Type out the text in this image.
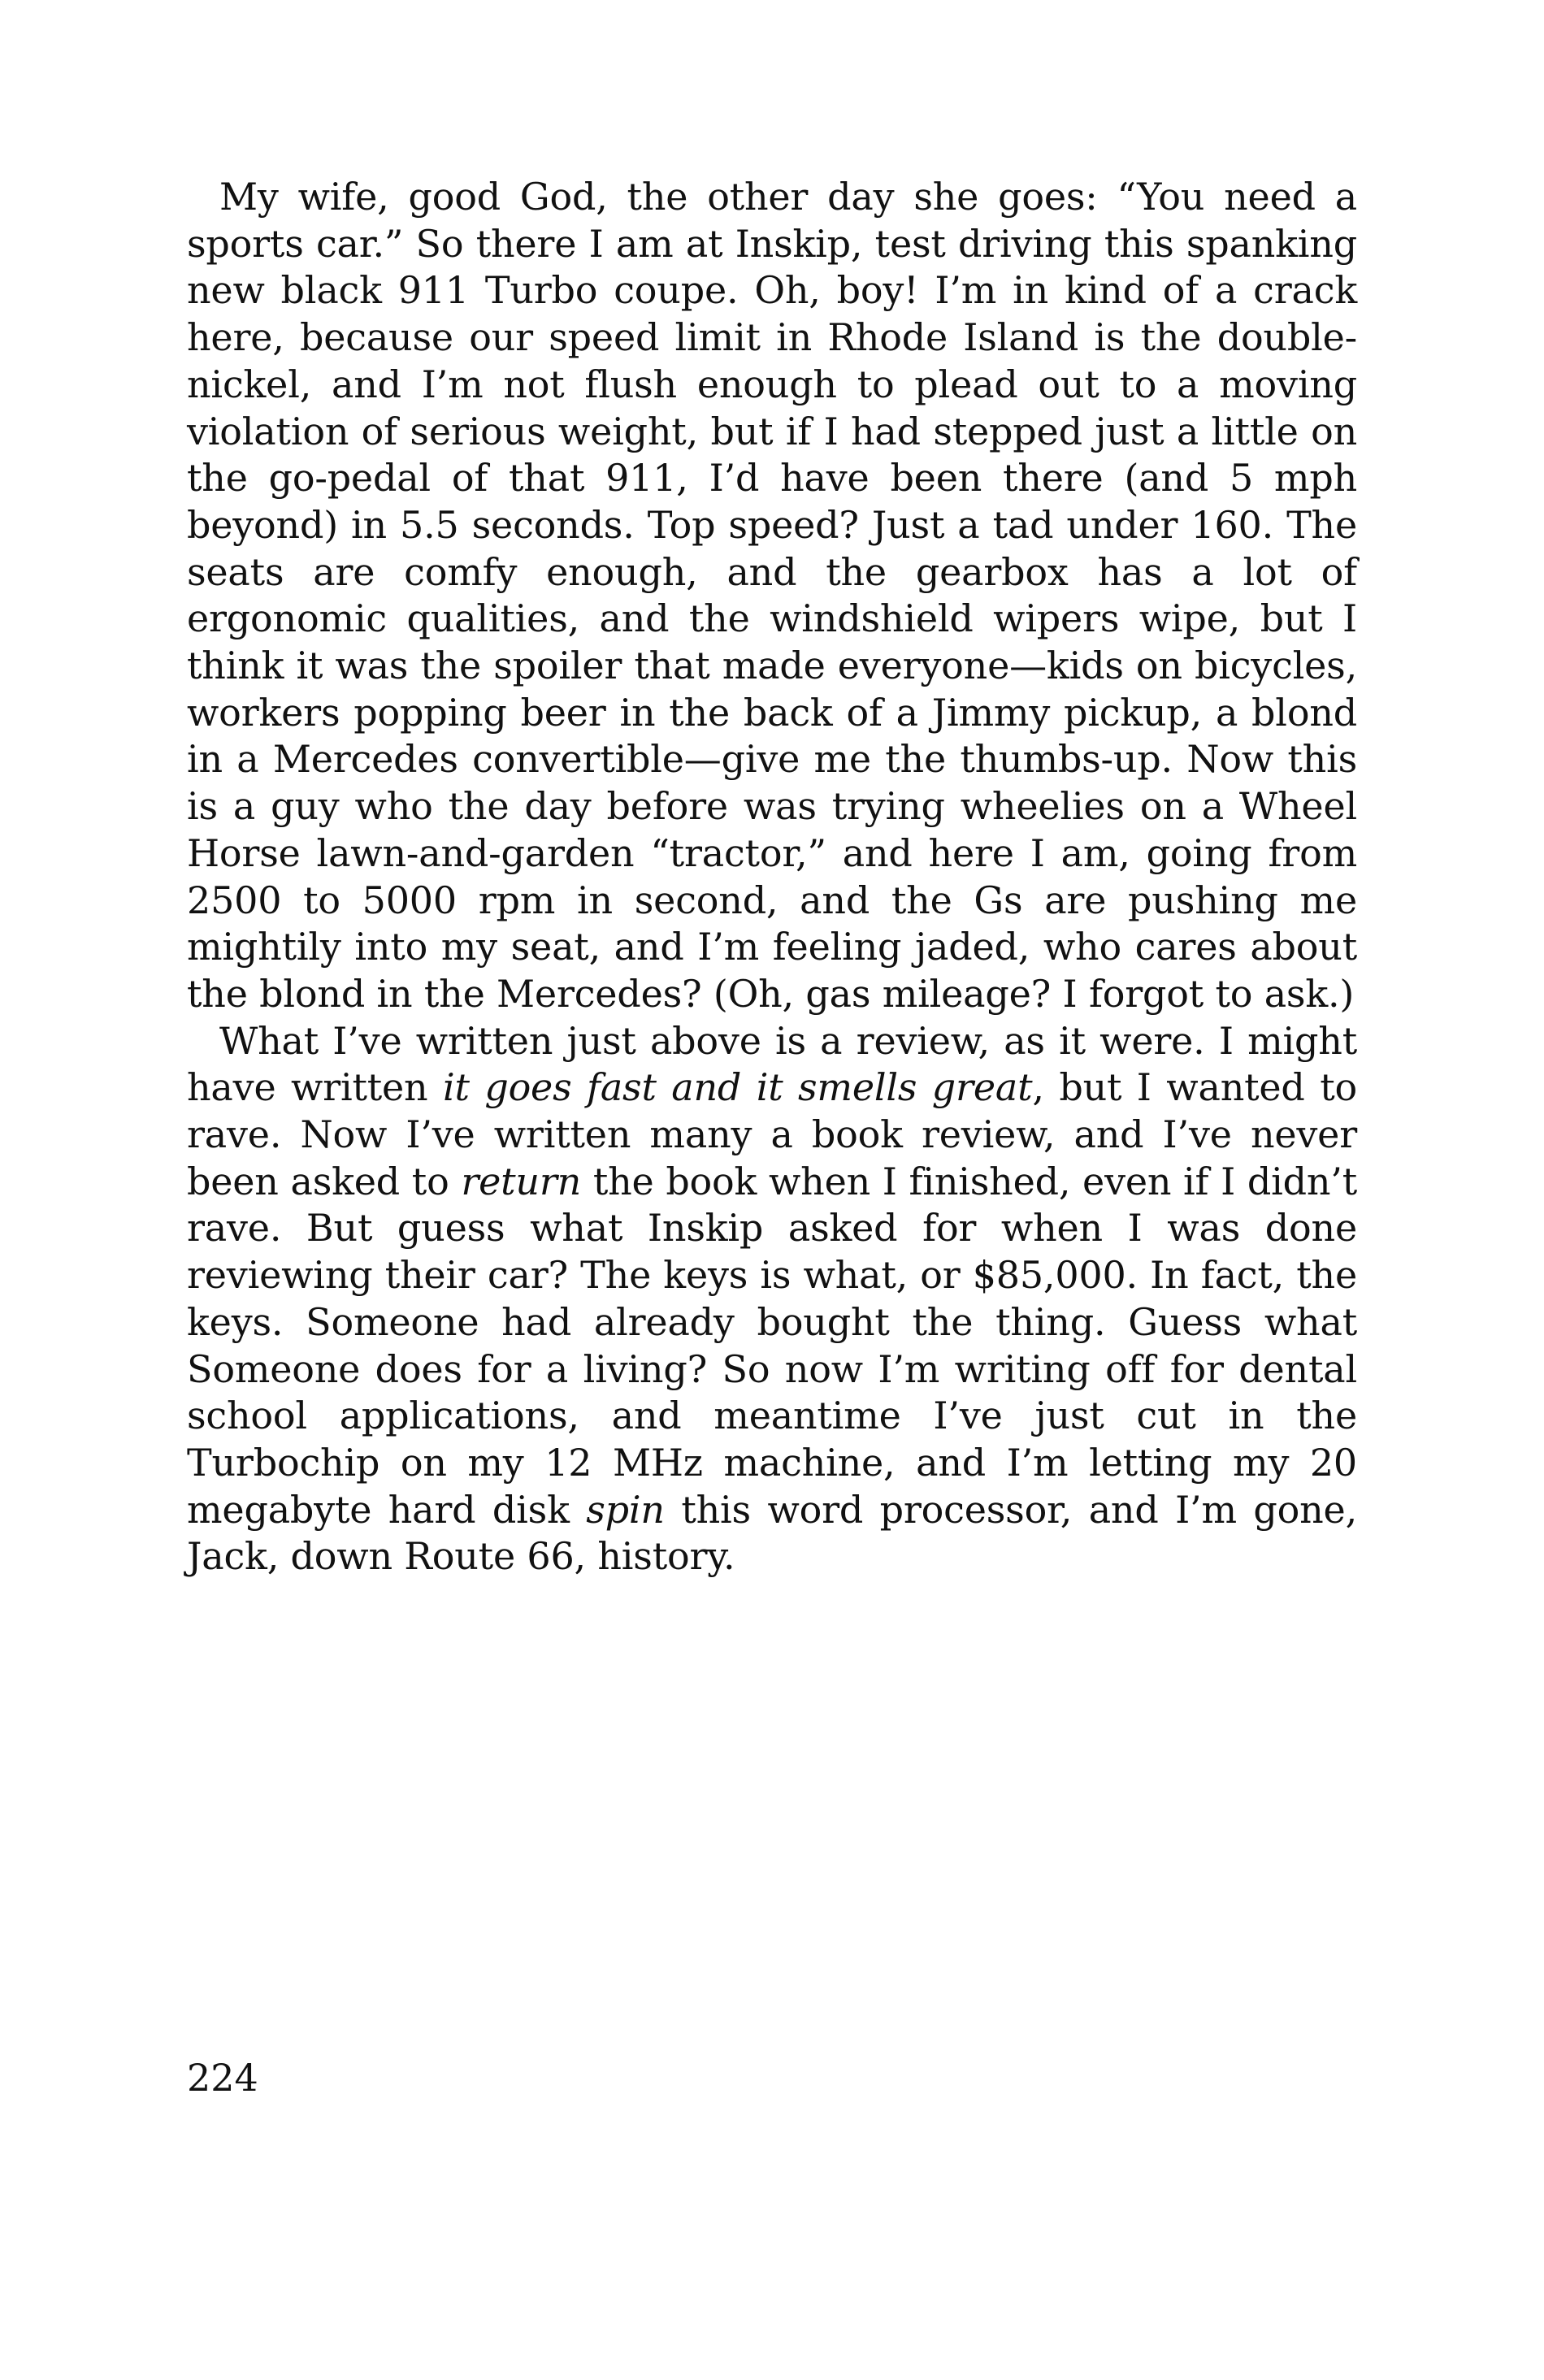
My wife, good God, the other day she goes: “You need a sports car.” So there I am at Inskip, test driving this spanking new black 911 Turbo coupe. Oh, boy! I’m in kind of a crack here, because our speed limit in Rhode Island is the double-nickel, and I’m not flush enough to plead out to a moving violation of serious weight, but if I had stepped just a little on the go-pedal of that 911, I’d have been there (and 5 mph beyond) in 5.5 seconds. Top speed? Just a tad under 160. The seats are comfy enough, and the gearbox has a lot of ergonomic qualities, and the windshield wipers wipe, but I think it was the spoiler that made everyone—kids on bicycles, workers popping beer in the back of a Jimmy pickup, a blond in a Mercedes convertible—give me the thumbs-up. Now this is a guy who the day before was trying wheelies on a Wheel Horse lawn-and-garden “tractor,” and here I am, going from 2500 to 5000 rpm in second, and the Gs are pushing me mightily into my seat, and I’m feeling jaded, who cares about the blond in the Mercedes? (Oh, gas mileage? I forgot to ask.)

What I’ve written just above is a review, as it were. I might have written it goes fast and it smells great, but I wanted to rave. Now I’ve written many a book review, and I’ve never been asked to return the book when I finished, even if I didn’t rave. But guess what Inskip asked for when I was done reviewing their car? The keys is what, or $85,000. In fact, the keys. Someone had already bought the thing. Guess what Someone does for a living? So now I’m writing off for dental school applications, and meantime I’ve just cut in the Turbochip on my 12 MHz machine, and I’m letting my 20 megabyte hard disk spin this word processor, and I’m gone, Jack, down Route 66, history.

224
